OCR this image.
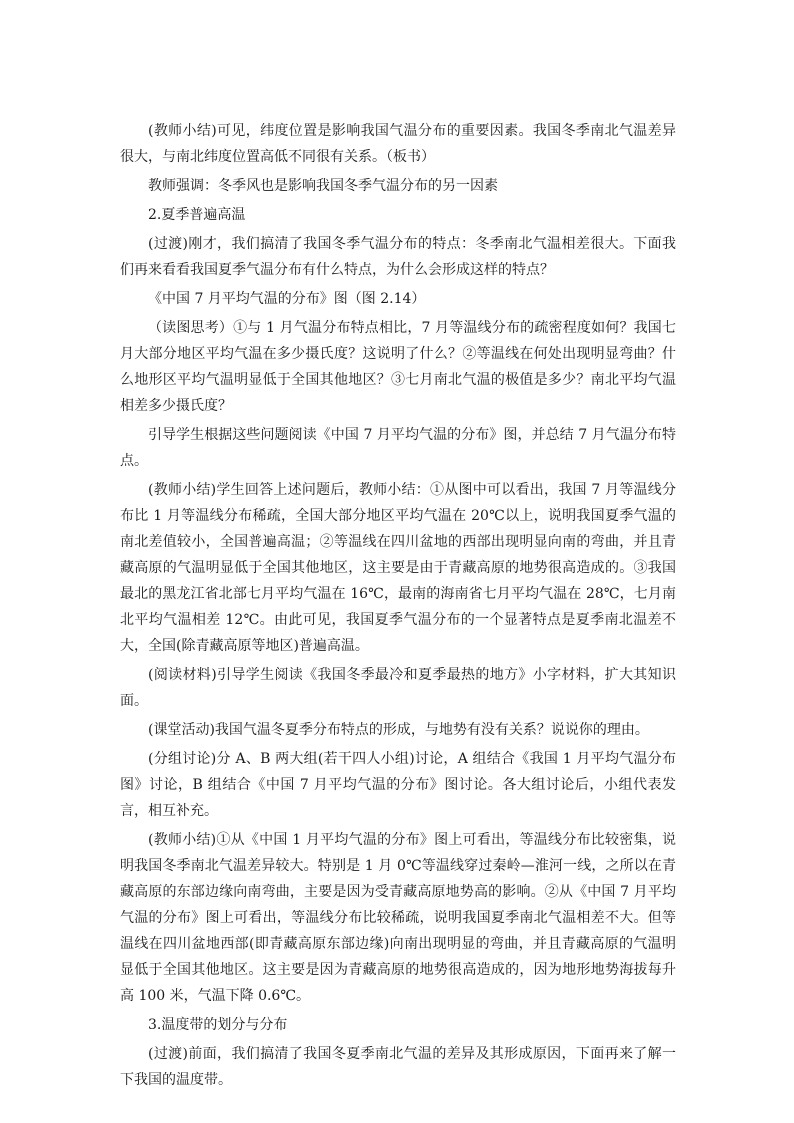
(教师小结)可见，纬度位置是影响我国气温分布的重要因素。我国冬季南北气温差异很大，与南北纬度位置高低不同很有关系。（板书）

教师强调：冬季风也是影响我国冬季气温分布的另一因素

2.夏季普遍高温

(过渡)刚才，我们搞清了我国冬季气温分布的特点：冬季南北气温相差很大。下面我们再来看看我国夏季气温分布有什么特点，为什么会形成这样的特点？

《中国 7 月平均气温的分布》图（图 2.14）

（读图思考）①与 1 月气温分布特点相比，7 月等温线分布的疏密程度如何？我国七月大部分地区平均气温在多少摄氏度？这说明了什么？②等温线在何处出现明显弯曲？什么地形区平均气温明显低于全国其他地区？③七月南北气温的极值是多少？南北平均气温相差多少摄氏度？

引导学生根据这些问题阅读《中国 7 月平均气温的分布》图，并总结 7 月气温分布特点。

(教师小结)学生回答上述问题后，教师小结：①从图中可以看出，我国 7 月等温线分布比 1 月等温线分布稀疏，全国大部分地区平均气温在 20℃以上，说明我国夏季气温的南北差值较小，全国普遍高温；②等温线在四川盆地的西部出现明显向南的弯曲，并且青藏高原的气温明显低于全国其他地区，这主要是由于青藏高原的地势很高造成的。③我国最北的黑龙江省北部七月平均气温在 16℃，最南的海南省七月平均气温在 28℃，七月南北平均气温相差 12℃。由此可见，我国夏季气温分布的一个显著特点是夏季南北温差不大，全国(除青藏高原等地区)普遍高温。

(阅读材料)引导学生阅读《我国冬季最冷和夏季最热的地方》小字材料，扩大其知识面。

(课堂活动)我国气温冬夏季分布特点的形成，与地势有没有关系？说说你的理由。

(分组讨论)分 A、B 两大组(若干四人小组)讨论，A 组结合《我国 1 月平均气温分布图》讨论，B 组结合《中国 7 月平均气温的分布》图讨论。各大组讨论后，小组代表发言，相互补充。

(教师小结)①从《中国 1 月平均气温的分布》图上可看出，等温线分布比较密集，说明我国冬季南北气温差异较大。特别是 1 月 0℃等温线穿过秦岭—淮河一线，之所以在青藏高原的东部边缘向南弯曲，主要是因为受青藏高原地势高的影响。②从《中国 7 月平均气温的分布》图上可看出，等温线分布比较稀疏，说明我国夏季南北气温相差不大。但等温线在四川盆地西部(即青藏高原东部边缘)向南出现明显的弯曲，并且青藏高原的气温明显低于全国其他地区。这主要是因为青藏高原的地势很高造成的，因为地形地势海拔每升高 100 米，气温下降 0.6℃。

3.温度带的划分与分布

(过渡)前面，我们搞清了我国冬夏季南北气温的差异及其形成原因，下面再来了解一下我国的温度带。
